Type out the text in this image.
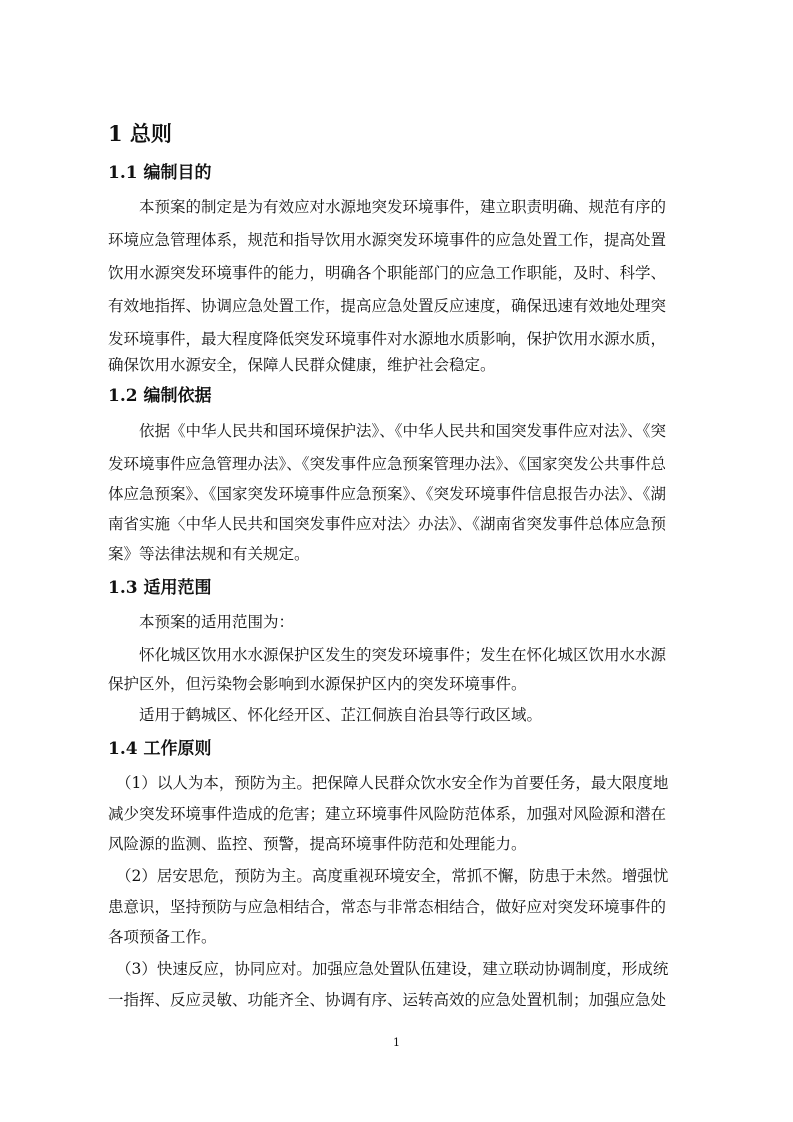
1 总则
1.1 编制目的
本预案的制定是为有效应对水源地突发环境事件，建立职责明确、规范有序的
环境应急管理体系，规范和指导饮用水源突发环境事件的应急处置工作，提高处置
饮用水源突发环境事件的能力，明确各个职能部门的应急工作职能，及时、科学、
有效地指挥、协调应急处置工作，提高应急处置反应速度，确保迅速有效地处理突
发环境事件，最大程度降低突发环境事件对水源地水质影响，保护饮用水源水质，
确保饮用水源安全，保障人民群众健康，维护社会稳定。
1.2 编制依据
依据《中华人民共和国环境保护法》、《中华人民共和国突发事件应对法》、《突
发环境事件应急管理办法》、《突发事件应急预案管理办法》、《国家突发公共事件总
体应急预案》、《国家突发环境事件应急预案》、《突发环境事件信息报告办法》、《湖
南省实施〈中华人民共和国突发事件应对法〉办法》、《湖南省突发事件总体应急预
案》等法律法规和有关规定。
1.3 适用范围
本预案的适用范围为：
怀化城区饮用水水源保护区发生的突发环境事件；发生在怀化城区饮用水水源
保护区外，但污染物会影响到水源保护区内的突发环境事件。
适用于鹤城区、怀化经开区、芷江侗族自治县等行政区域。
1.4 工作原则
（1）以人为本，预防为主。把保障人民群众饮水安全作为首要任务，最大限度地
减少突发环境事件造成的危害；建立环境事件风险防范体系，加强对风险源和潜在
风险源的监测、监控、预警，提高环境事件防范和处理能力。
（2）居安思危，预防为主。高度重视环境安全，常抓不懈，防患于未然。增强忧
患意识，坚持预防与应急相结合，常态与非常态相结合，做好应对突发环境事件的
各项预备工作。
（3）快速反应，协同应对。加强应急处置队伍建设，建立联动协调制度，形成统
一指挥、反应灵敏、功能齐全、协调有序、运转高效的应急处置机制；加强应急处
1
